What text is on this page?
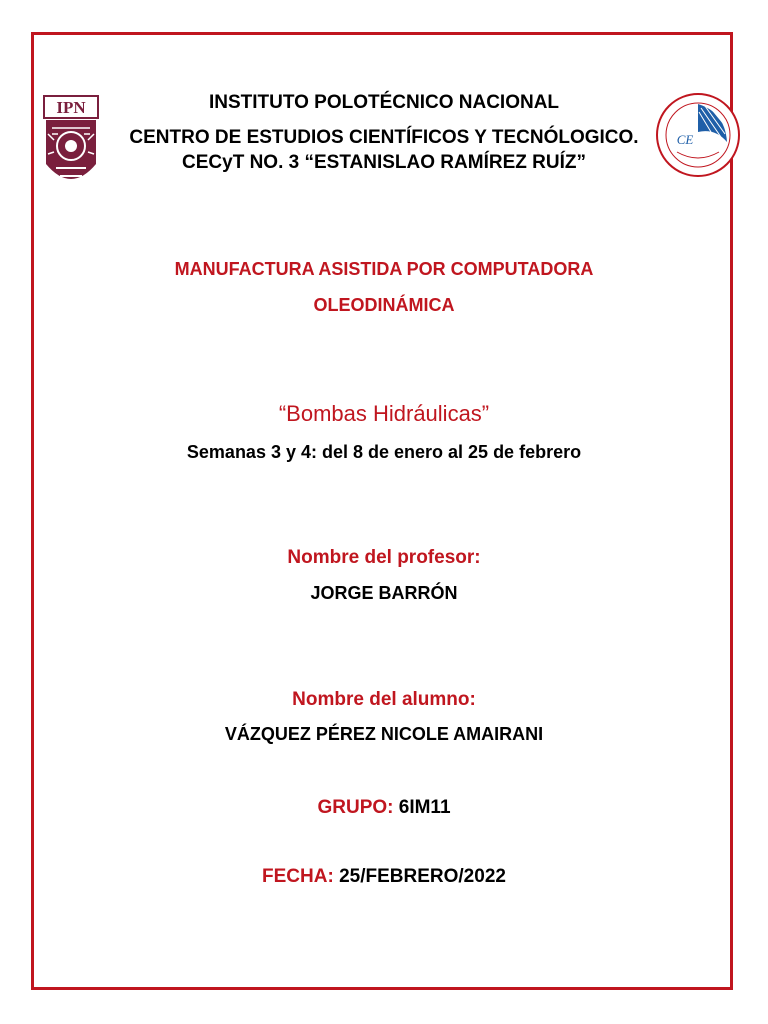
IPN
CE
INSTITUTO POLOTÉCNICO NACIONAL
CENTRO DE ESTUDIOS CIENTÍFICOS Y TECNÓLOGICO.
CECyT NO. 3 “ESTANISLAO RAMÍREZ RUÍZ”
MANUFACTURA ASISTIDA POR COMPUTADORA
OLEODINÁMICA
“Bombas Hidráulicas”
Semanas 3 y 4: del 8 de enero al 25 de febrero
Nombre del profesor:
JORGE BARRÓN
Nombre del alumno:
VÁZQUEZ PÉREZ NICOLE AMAIRANI
GRUPO: 6IM11
FECHA: 25/FEBRERO/2022
